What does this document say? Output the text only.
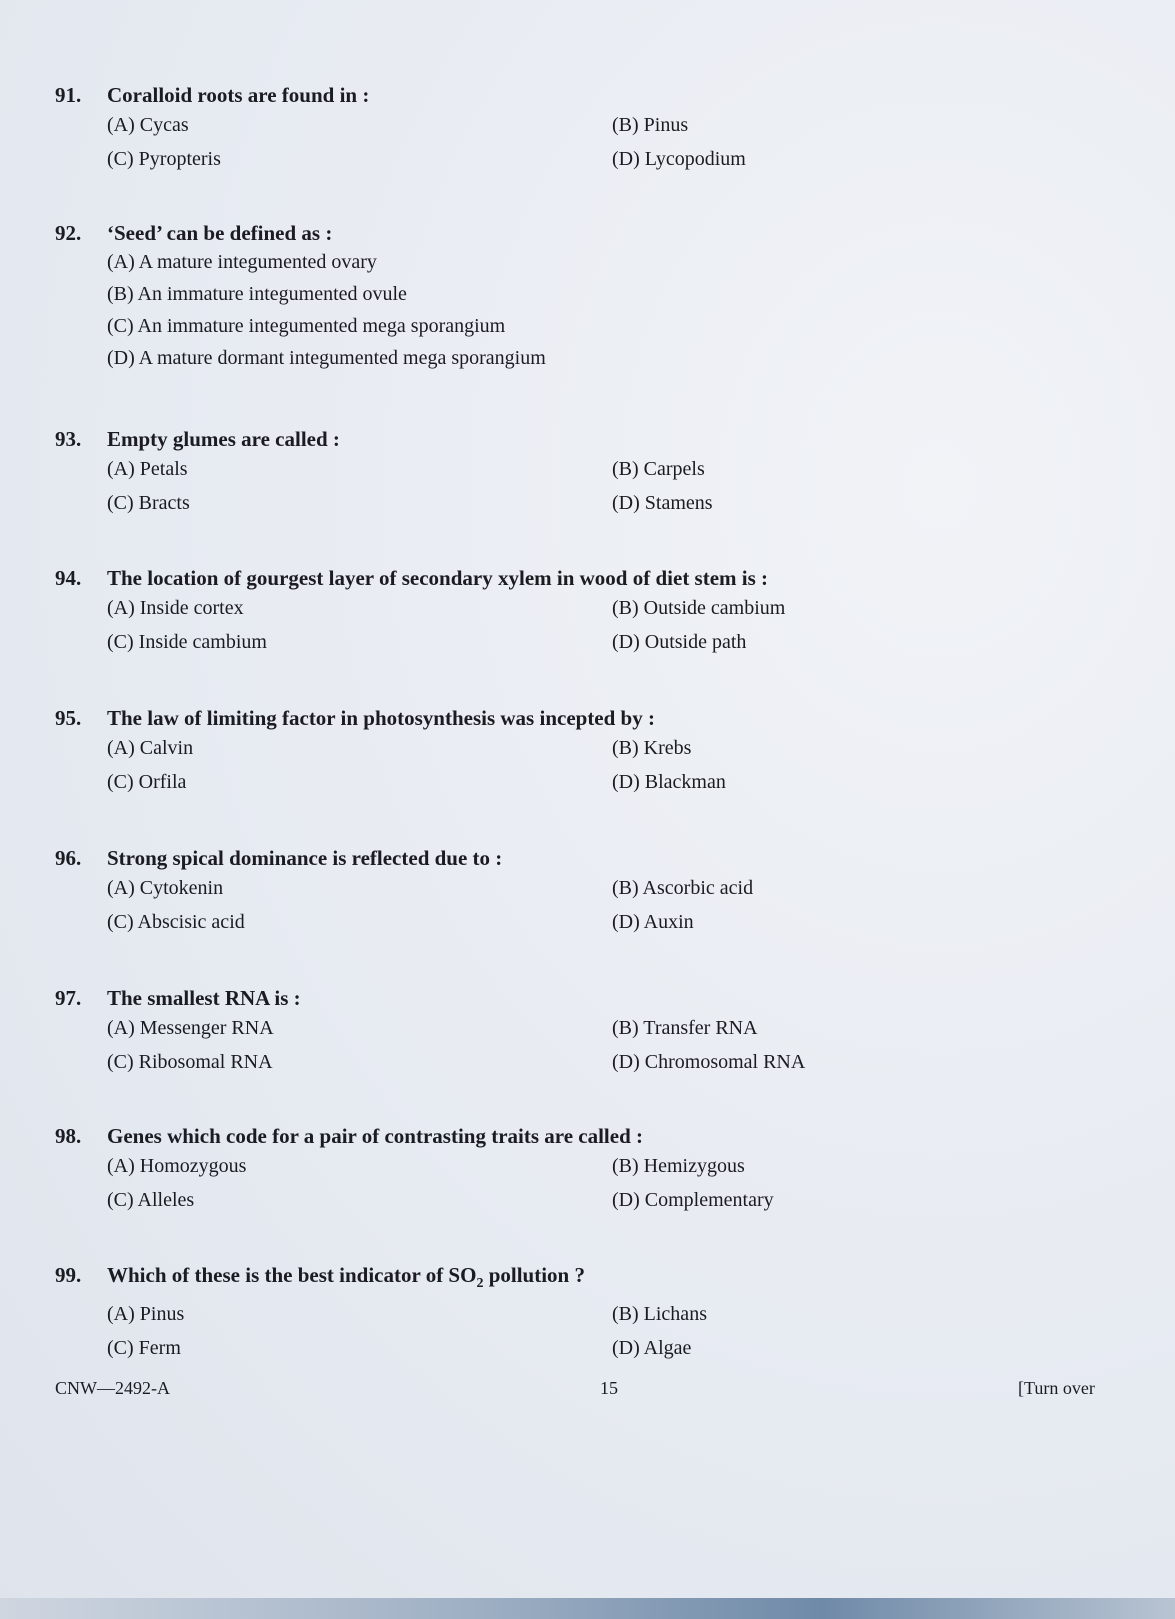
91. Coralloid roots are found in :
(A) Cycas	(B) Pinus
(C) Pyropteris	(D) Lycopodium
92. ‘Seed’ can be defined as :
(A) A mature integumented ovary
(B) An immature integumented ovule
(C) An immature integumented mega sporangium
(D) A mature dormant integumented mega sporangium
93. Empty glumes are called :
(A) Petals	(B) Carpels
(C) Bracts	(D) Stamens
94. The location of gourgest layer of secondary xylem in wood of diet stem is :
(A) Inside cortex	(B) Outside cambium
(C) Inside cambium	(D) Outside path
95. The law of limiting factor in photosynthesis was incepted by :
(A) Calvin	(B) Krebs
(C) Orfila	(D) Blackman
96. Strong spical dominance is reflected due to :
(A) Cytokenin	(B) Ascorbic acid
(C) Abscisic acid	(D) Auxin
97. The smallest RNA is :
(A) Messenger RNA	(B) Transfer RNA
(C) Ribosomal RNA	(D) Chromosomal RNA
98. Genes which code for a pair of contrasting traits are called :
(A) Homozygous	(B) Hemizygous
(C) Alleles	(D) Complementary
99. Which of these is the best indicator of $SO_2$ pollution ?
(A) Pinus	(B) Lichans
(C) Ferm	(D) Algae
CNW—2492-A	15	[Turn over
